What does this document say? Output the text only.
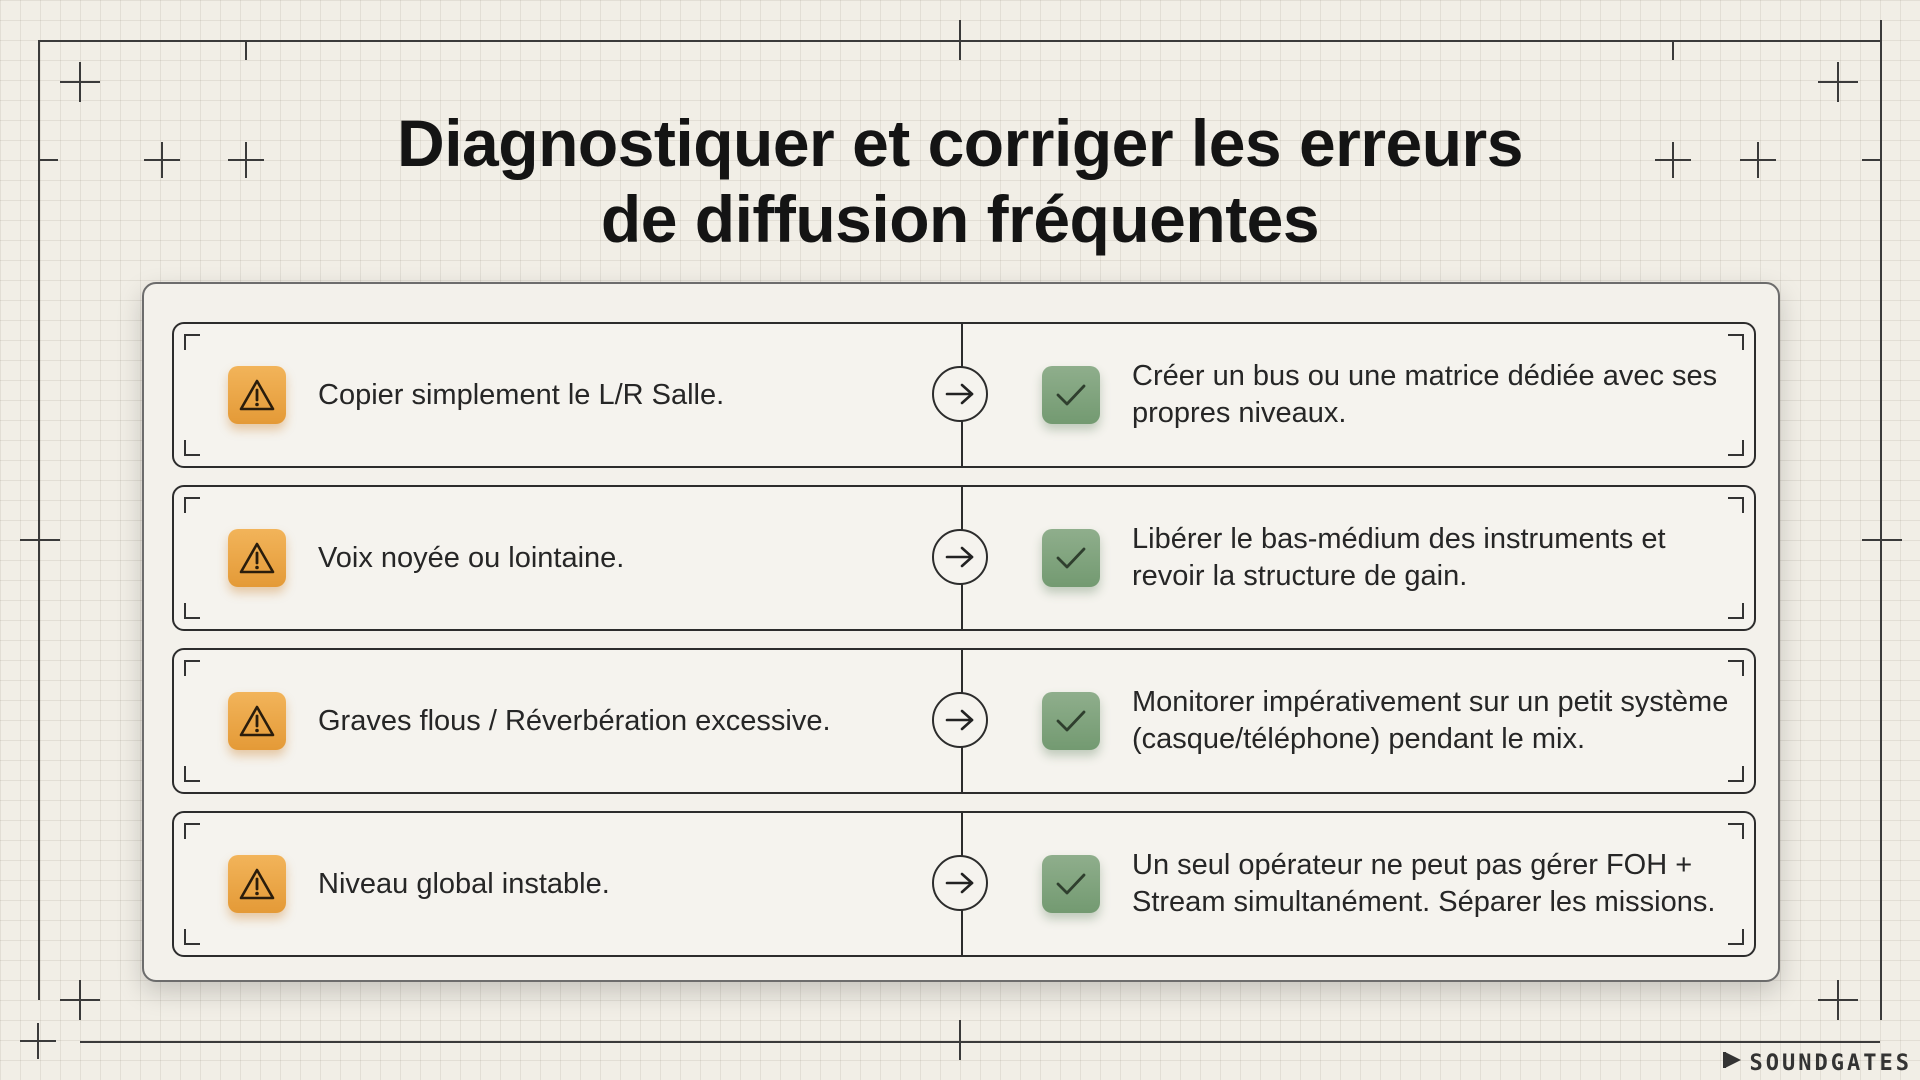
Diagnostiquer et corriger les erreurs
de diffusion fréquentes
Copier simplement le L/R Salle.
Créer un bus ou une matrice dédiée avec ses propres niveaux.
Voix noyée ou lointaine.
Libérer le bas-médium des instruments et revoir la structure de gain.
Graves flous / Réverbération excessive.
Monitorer impérativement sur un petit système (casque/téléphone) pendant le mix.
Niveau global instable.
Un seul opérateur ne peut pas gérer FOH + Stream simultanément. Séparer les missions.
SOUNDGATES
